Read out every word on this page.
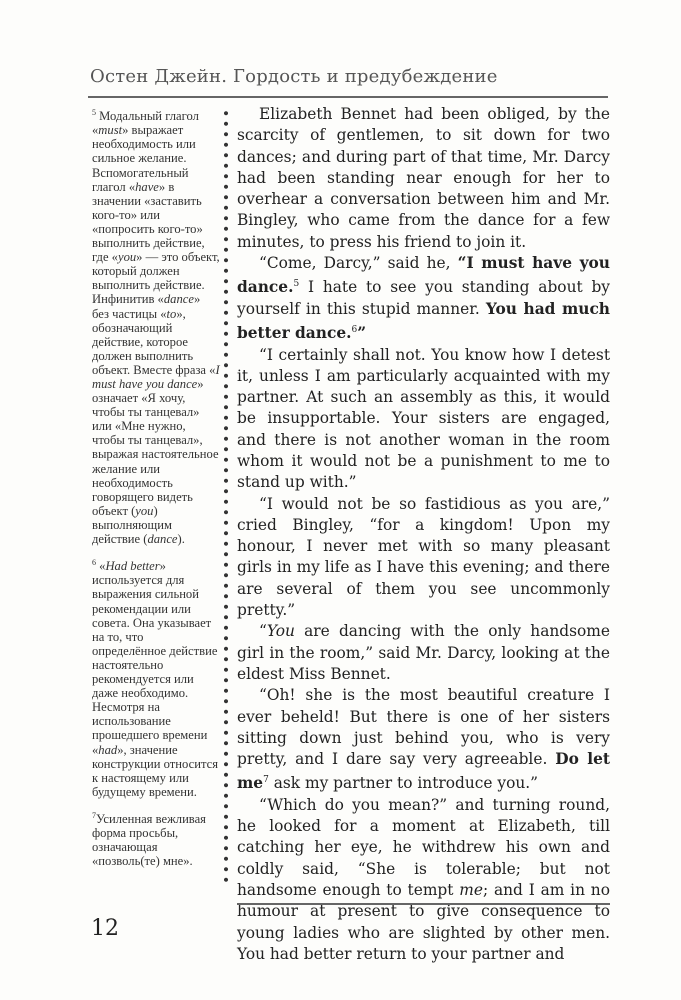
Остен Джейн. Гордость и предубеждение

$^5$ Модальный глагол «must» выражает необходимость или сильное желание. Вспомогательный глагол «have» в значении «заставить кого-то» или «попросить кого-то» выполнить действие, где «you» — это объект, который должен выполнить действие. Инфинитив «dance» без частицы «to», обозначающий действие, которое должен выполнить объект. Вместе фраза «I must have you dance» означает «Я хочу, чтобы ты танцевал» или «Мне нужно, чтобы ты танцевал», выражая настоятельное желание или необходимость говорящего видеть объект (you) выполняющим действие (dance).

$^6$ «Had better» используется для выражения сильной рекомендации или совета. Она указывает на то, что определённое действие настоятельно рекомендуется или даже необходимо. Несмотря на использование прошедшего времени «had», значение конструкции относится к настоящему или будущему времени.

$^7$Усиленная вежливая форма просьбы, означающая «позволь(те) мне».

Elizabeth Bennet had been obliged, by the scarcity of gentlemen, to sit down for two dances; and during part of that time, Mr. Darcy had been standing near enough for her to overhear a conversation between him and Mr. Bingley, who came from the dance for a few minutes, to press his friend to join it.

“Come, Darcy,” said he, “I must have you dance.$^5$ I hate to see you standing about by yourself in this stupid manner. You had much better dance.$^6$”

“I certainly shall not. You know how I detest it, unless I am particularly acquainted with my partner. At such an assembly as this, it would be insupportable. Your sisters are engaged, and there is not another woman in the room whom it would not be a punishment to me to stand up with.”

“I would not be so fastidious as you are,” cried Bingley, “for a kingdom! Upon my honour, I never met with so many pleasant girls in my life as I have this evening; and there are several of them you see uncommonly pretty.”

“You are dancing with the only handsome girl in the room,” said Mr. Darcy, looking at the eldest Miss Bennet.

“Oh! she is the most beautiful creature I ever beheld! But there is one of her sisters sitting down just behind you, who is very pretty, and I dare say very agreeable. Do let $me^7$ ask my partner to introduce you.”

“Which do you mean?” and turning round, he looked for a moment at Elizabeth, till catching her eye, he withdrew his own and coldly said, “She is tolerable; but not handsome enough to tempt me; and I am in no humour at present to give consequence to young ladies who are slighted by other men. You had better return to your partner and

12
